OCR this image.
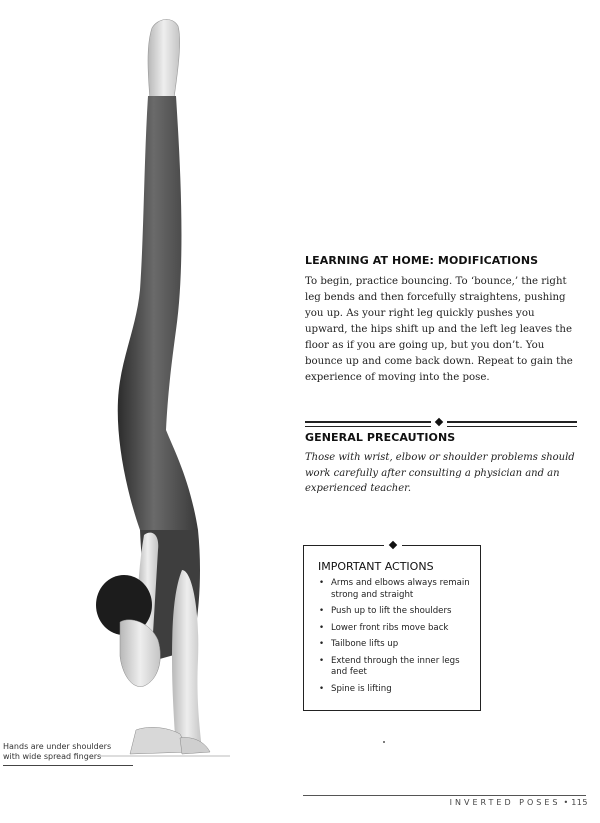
Hands are under shoulders
with wide spread fingers
LEARNING AT HOME: MODIFICATIONS

To begin, practice bouncing. To ‘bounce,’ the right leg bends and then forcefully straightens, pushing you up. As your right leg quickly pushes you upward, the hips shift up and the left leg leaves the floor as if you are going up, but you don’t. You bounce up and come back down. Repeat to gain the experience of moving into the pose.

GENERAL PRECAUTIONS

Those with wrist, elbow or shoulder problems should work carefully after consulting a physician and an experienced teacher.

IMPORTANT ACTIONS
• Arms and elbows always remain strong and straight
• Push up to lift the shoulders
• Lower front ribs move back
• Tailbone lifts up
• Extend through the inner legs and feet
• Spine is lifting
INVERTED POSES • 115
